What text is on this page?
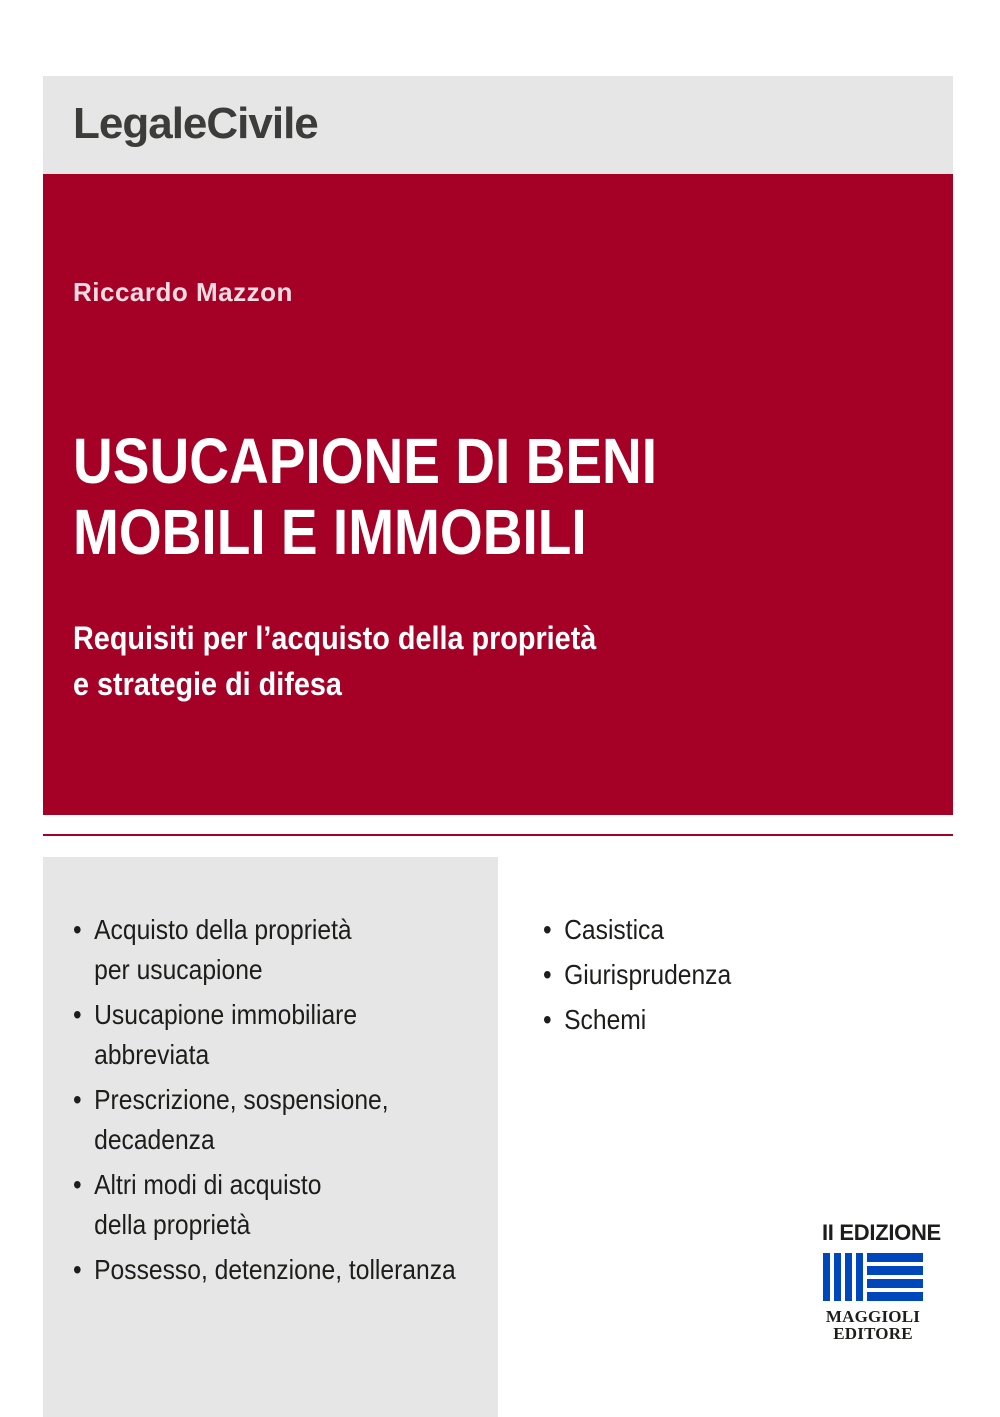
LegaleCivile
Riccardo Mazzon
USUCAPIONE DI BENI
MOBILI E IMMOBILI
Requisiti per l’acquisto della proprietà
e strategie di difesa
• Acquisto della proprietà
per usucapione
• Usucapione immobiliare
abbreviata
• Prescrizione, sospensione,
decadenza
• Altri modi di acquisto
della proprietà
• Possesso, detenzione, tolleranza
• Casistica
• Giurisprudenza
• Schemi
II EDIZIONE
MAGGIOLI
EDITORE
